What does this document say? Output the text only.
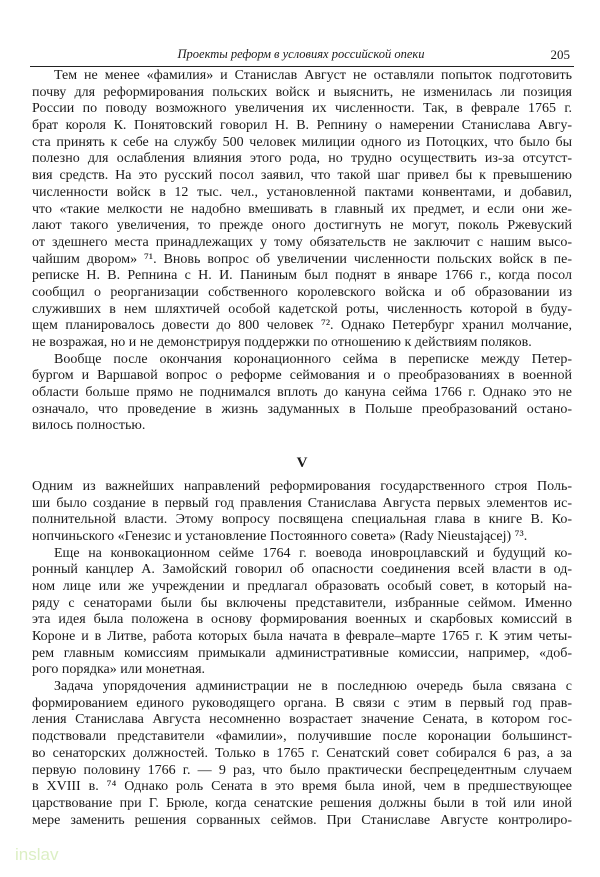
Проекты реформ в условиях российской опеки	205
Тем не менее «фамилия» и Станислав Август не оставляли попыток подготовить
почву для реформирования польских войск и выяснить, не изменилась ли позиция
России по поводу возможного увеличения их численности. Так, в феврале 1765 г.
брат короля К. Понятовский говорил Н. В. Репнину о намерении Станислава Авгу-
ста принять к себе на службу 500 человек милиции одного из Потоцких, что было бы
полезно для ослабления влияния этого рода, но трудно осуществить из-за отсутст-
вия средств. На это русский посол заявил, что такой шаг привел бы к превышению
численности войск в 12 тыс. чел., установленной пактами конвентами, и добавил,
что «такие мелкости не надобно вмешивать в главный их предмет, и если они же-
лают такого увеличения, то прежде оного достигнуть не могут, поколь Ржевуский
от здешнего места принадлежащих у тому обязательств не заключит с нашим высо-
чайшим двором» ⁷¹. Вновь вопрос об увеличении численности польских войск в пе-
реписке Н. В. Репнина с Н. И. Паниным был поднят в январе 1766 г., когда посол
сообщил о реорганизации собственного королевского войска и об образовании из
служивших в нем шляхтичей особой кадетской роты, численность которой в буду-
щем планировалось довести до 800 человек ⁷². Однако Петербург хранил молчание,
не возражая, но и не демонстрируя поддержки по отношению к действиям поляков.
Вообще после окончания коронационного сейма в переписке между Петер-
бургом и Варшавой вопрос о реформе сеймования и о преобразованиях в военной
области больше прямо не поднимался вплоть до кануна сейма 1766 г. Однако это не
означало, что проведение в жизнь задуманных в Польше преобразований остано-
вилось полностью.
V
Одним из важнейших направлений реформирования государственного строя Поль-
ши было создание в первый год правления Станислава Августа первых элементов ис-
полнительной власти. Этому вопросу посвящена специальная глава в книге В. Ко-
нопчиньского «Генезис и установление Постоянного совета» (Rady Nieustającej) ⁷³.
Еще на конвокационном сейме 1764 г. воевода иновроцлавский и будущий ко-
ронный канцлер А. Замойский говорил об опасности соединения всей власти в од-
ном лице или же учреждении и предлагал образовать особый совет, в который на-
ряду с сенаторами были бы включены представители, избранные сеймом. Именно
эта идея была положена в основу формирования военных и скарбовых комиссий в
Короне и в Литве, работа которых была начата в феврале–марте 1765 г. К этим четы-
рем главным комиссиям примыкали административные комиссии, например, «доб-
рого порядка» или монетная.
Задача упорядочения администрации не в последнюю очередь была связана с
формированием единого руководящего органа. В связи с этим в первый год прав-
ления Станислава Августа несомненно возрастает значение Сената, в котором гос-
подствовали представители «фамилии», получившие после коронации большинст-
во сенаторских должностей. Только в 1765 г. Сенатский совет собирался 6 раз, а за
первую половину 1766 г. — 9 раз, что было практически беспрецедентным случаем
в XVIII в. ⁷⁴ Однако роль Сената в это время была иной, чем в предшествующее
царствование при Г. Брюле, когда сенатские решения должны были в той или иной
мере заменить решения сорванных сеймов. При Станиславе Августе контролиро-
inslav
